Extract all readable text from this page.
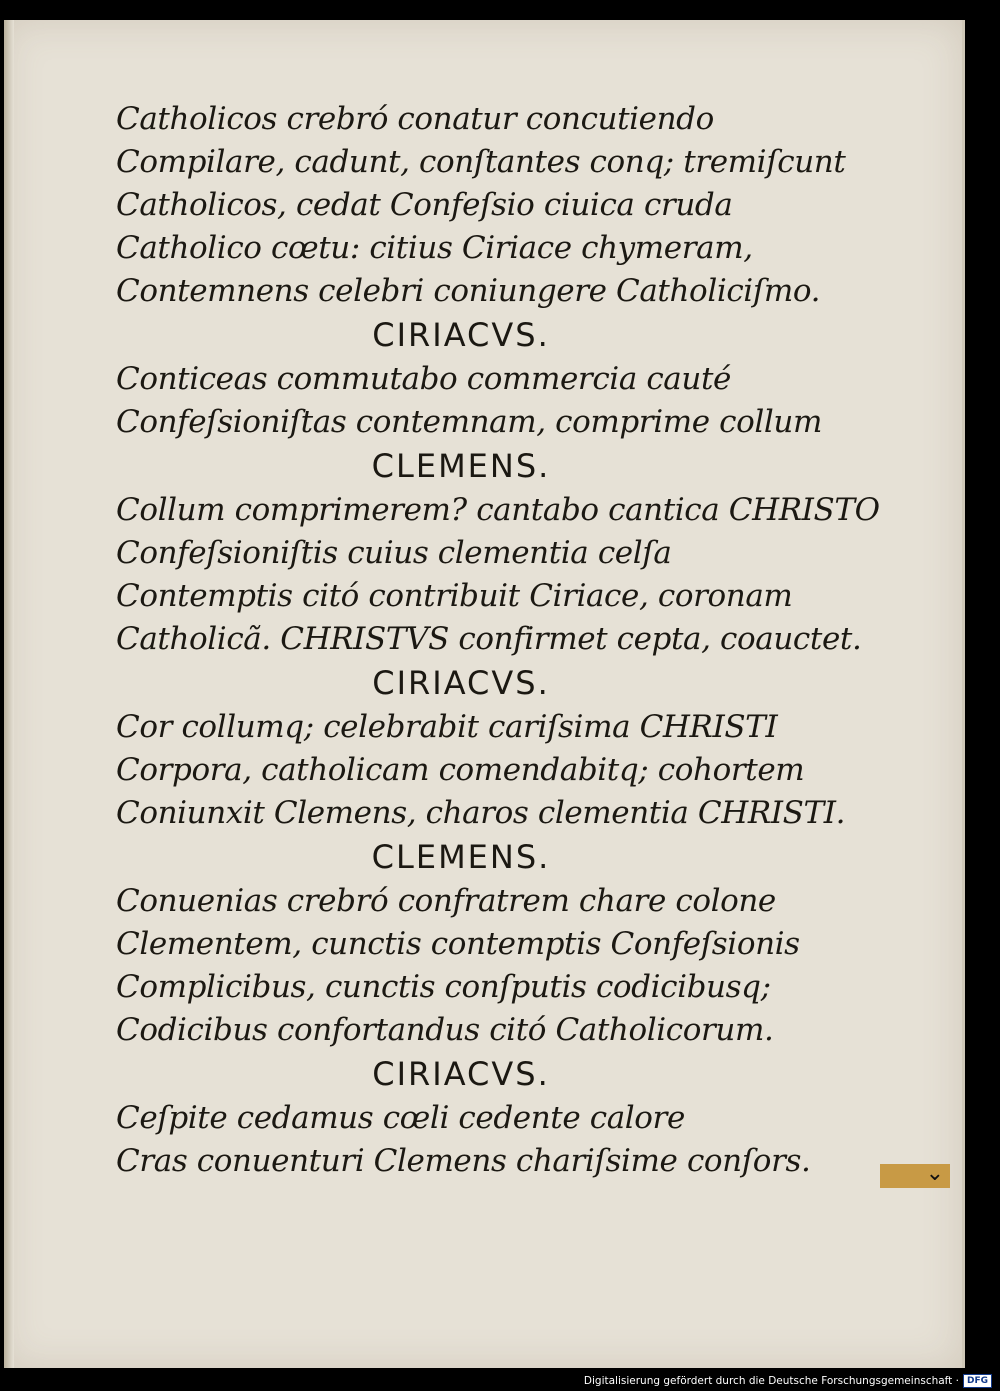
Catholicos crebró conatur concutiendo
Compilare, cadunt, conſtantes conq; tremiſcunt
Catholicos, cedat Confeſsio ciuica cruda
Catholico cœtu: citius Ciriace chymeram,
Contemnens celebri coniungere Catholiciſmo.
CIRIACVS.
Conticeas commutabo commercia cauté
Confeſsioniſtas contemnam, comprime collum
CLEMENS.
Collum comprimerem? cantabo cantica CHRISTO
Confeſsioniſtis cuius clementia celſa
Contemptis citó contribuit Ciriace, coronam
Catholicã. CHRISTVS confirmet cepta, coauctet.
CIRIACVS.
Cor collumq; celebrabit cariſsima CHRISTI
Corpora, catholicam comendabitq; cohortem
Coniunxit Clemens, charos clementia CHRISTI.
CLEMENS.
Conuenias crebró confratrem chare colone
Clementem, cunctis contemptis Confeſsionis
Complicibus, cunctis conſputis codicibusq;
Codicibus confortandus citó Catholicorum.
CIRIACVS.
Ceſpite cedamus cœli cedente calore
Cras conuenturi Clemens chariſsime conſors.	⌄
Digitalisierung gefördert durch die Deutsche Forschungsgemeinschaft · DFG
